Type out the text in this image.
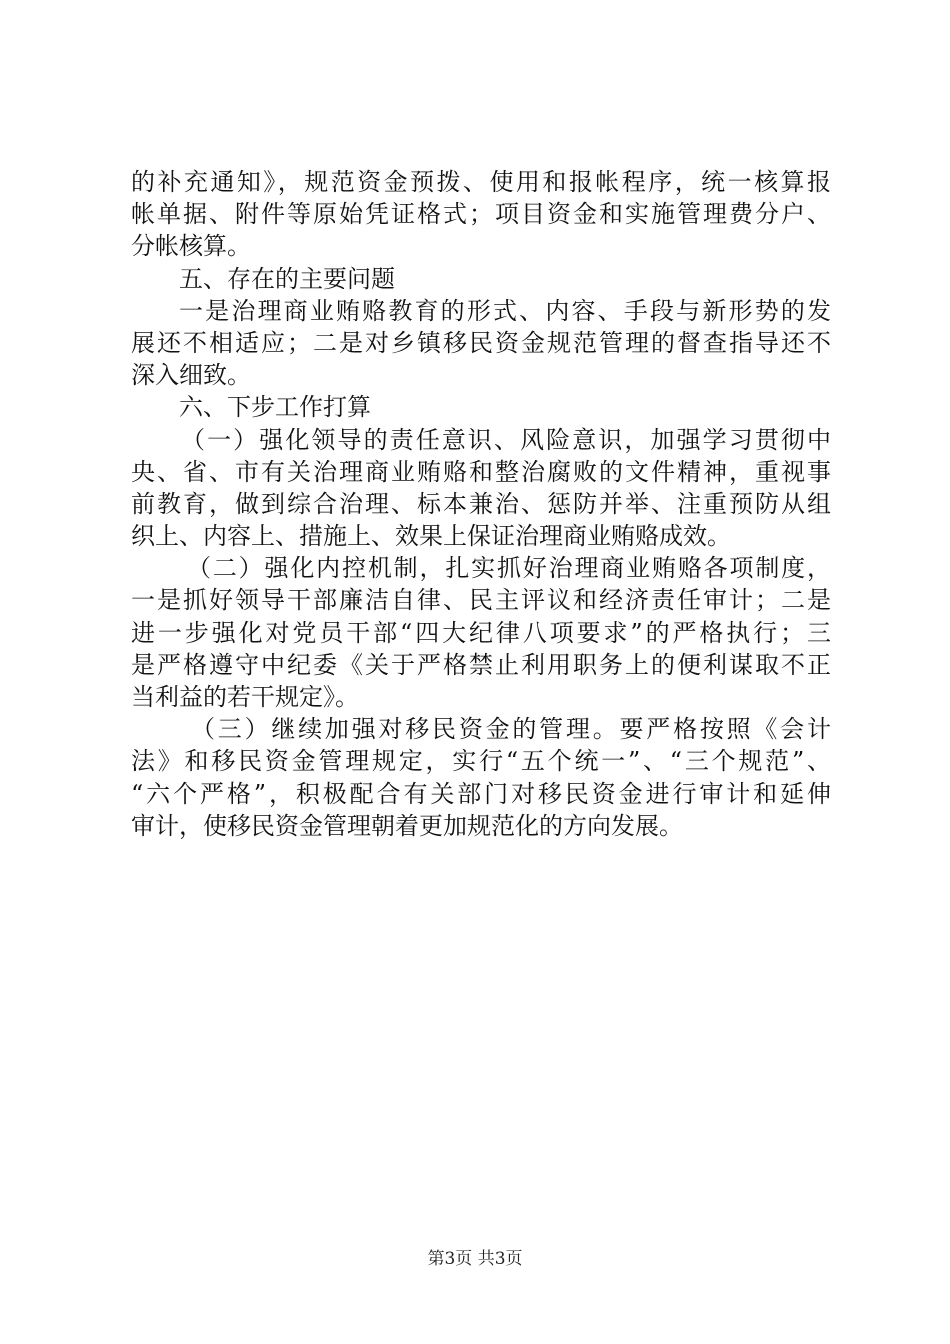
的补充通知》，规范资金预拨、使用和报帐程序，统一核算报
帐单据、附件等原始凭证格式；项目资金和实施管理费分户、
分帐核算。
五、存在的主要问题
一是治理商业贿赂教育的形式、内容、手段与新形势的发
展还不相适应；二是对乡镇移民资金规范管理的督查指导还不
深入细致。
六、下步工作打算
（一）强化领导的责任意识、风险意识，加强学习贯彻中
央、省、市有关治理商业贿赂和整治腐败的文件精神，重视事
前教育，做到综合治理、标本兼治、惩防并举、注重预防从组
织上、内容上、措施上、效果上保证治理商业贿赂成效。
（二）强化内控机制，扎实抓好治理商业贿赂各项制度，
一是抓好领导干部廉洁自律、民主评议和经济责任审计；二是
进一步强化对党员干部“四大纪律八项要求”的严格执行；三
是严格遵守中纪委《关于严格禁止利用职务上的便利谋取不正
当利益的若干规定》。
（三）继续加强对移民资金的管理。要严格按照《会计
法》和移民资金管理规定，实行“五个统一”、“三个规范”、
“六个严格”，积极配合有关部门对移民资金进行审计和延伸
审计，使移民资金管理朝着更加规范化的方向发展。
第3页 共3页
